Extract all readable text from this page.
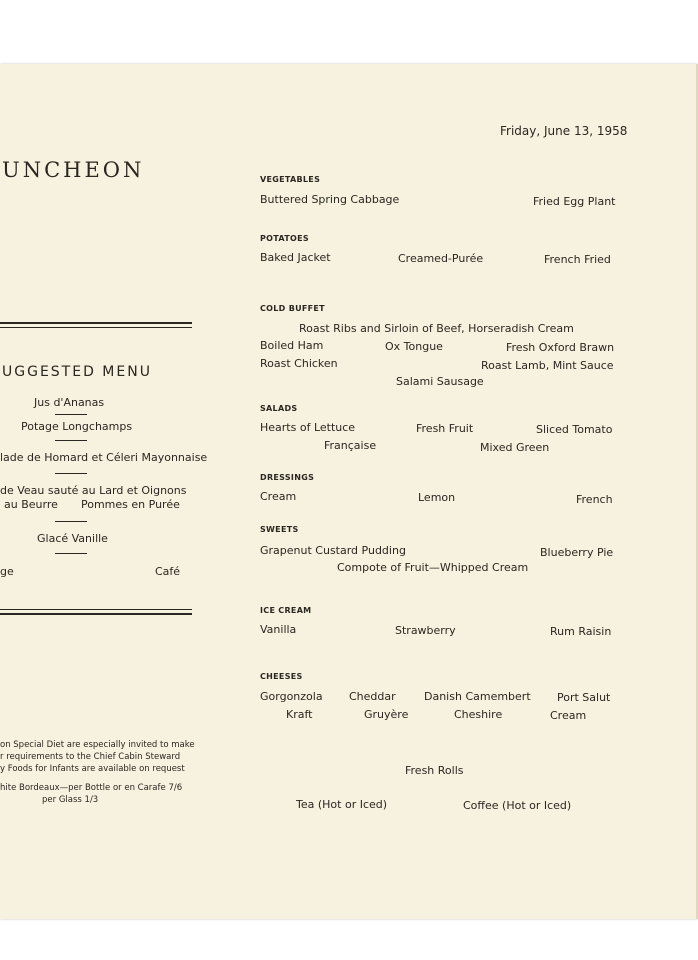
Friday, June 13, 1958
UNCHEON
UGGESTED MENU
Jus d'Ananas
Potage Longchamps
lade de Homard et Céleri Mayonnaise
de Veau sauté au Lard et Oignons
au Beurre Pommes en Purée
Glacé Vanille
ge	Café
on Special Diet are especially invited to make
r requirements to the Chief Cabin Steward
y Foods for Infants are available on request
hite Bordeaux—per Bottle or en Carafe 7/6
per Glass 1/3
VEGETABLES
Buttered Spring Cabbage	Fried Egg Plant
POTATOES
Baked Jacket	Creamed-Purée	French Fried
COLD BUFFET
Roast Ribs and Sirloin of Beef, Horseradish Cream
Boiled Ham	Ox Tongue	Fresh Oxford Brawn
Roast Chicken	Roast Lamb, Mint Sauce
Salami Sausage
SALADS
Hearts of Lettuce	Fresh Fruit	Sliced Tomato
Française	Mixed Green
DRESSINGS
Cream	Lemon	French
SWEETS
Grapenut Custard Pudding	Blueberry Pie
Compote of Fruit—Whipped Cream
ICE CREAM
Vanilla	Strawberry	Rum Raisin
CHEESES
Gorgonzola Cheddar	Danish Camembert Port Salut
Kraft	Gruyère	Cheshire	Cream
Fresh Rolls
Tea (Hot or Iced)	Coffee (Hot or Iced)
